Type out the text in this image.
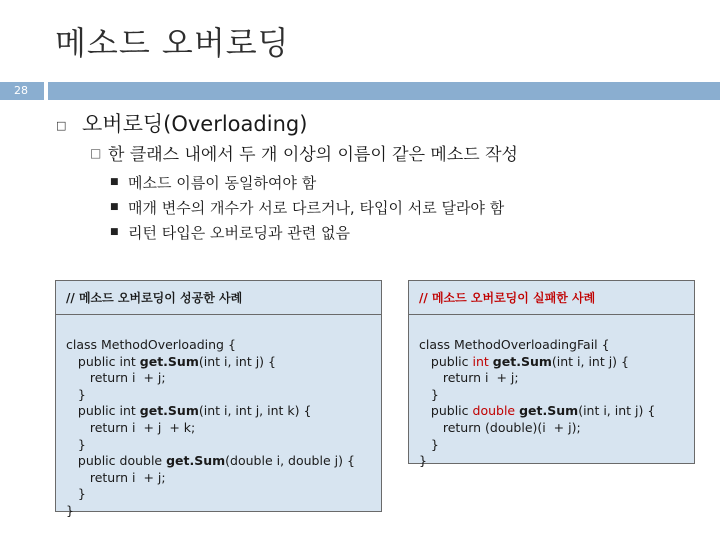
메소드 오버로딩
28
□ 오버로딩(Overloading)
□ 한 클래스 내에서 두 개 이상의 이름이 같은 메소드 작성
■ 메소드 이름이 동일하여야 함
■ 매개 변수의 개수가 서로 다르거나, 타입이 서로 달라야 함
■ 리턴 타입은 오버로딩과 관련 없음
// 메소드 오버로딩이 성공한 사례
class MethodOverloading {
public int get.Sum(int i, int j) {
return i  + j;
}
public int get.Sum(int i, int j, int k) {
return i  + j  + k;
}
public double get.Sum(double i, double j) {
return i  + j;
}
}
// 메소드 오버로딩이 실패한 사례
class MethodOverloadingFail {
public int get.Sum(int i, int j) {
return i  + j;
}
public double get.Sum(int i, int j) {
return (double)(i  + j);
}
}
